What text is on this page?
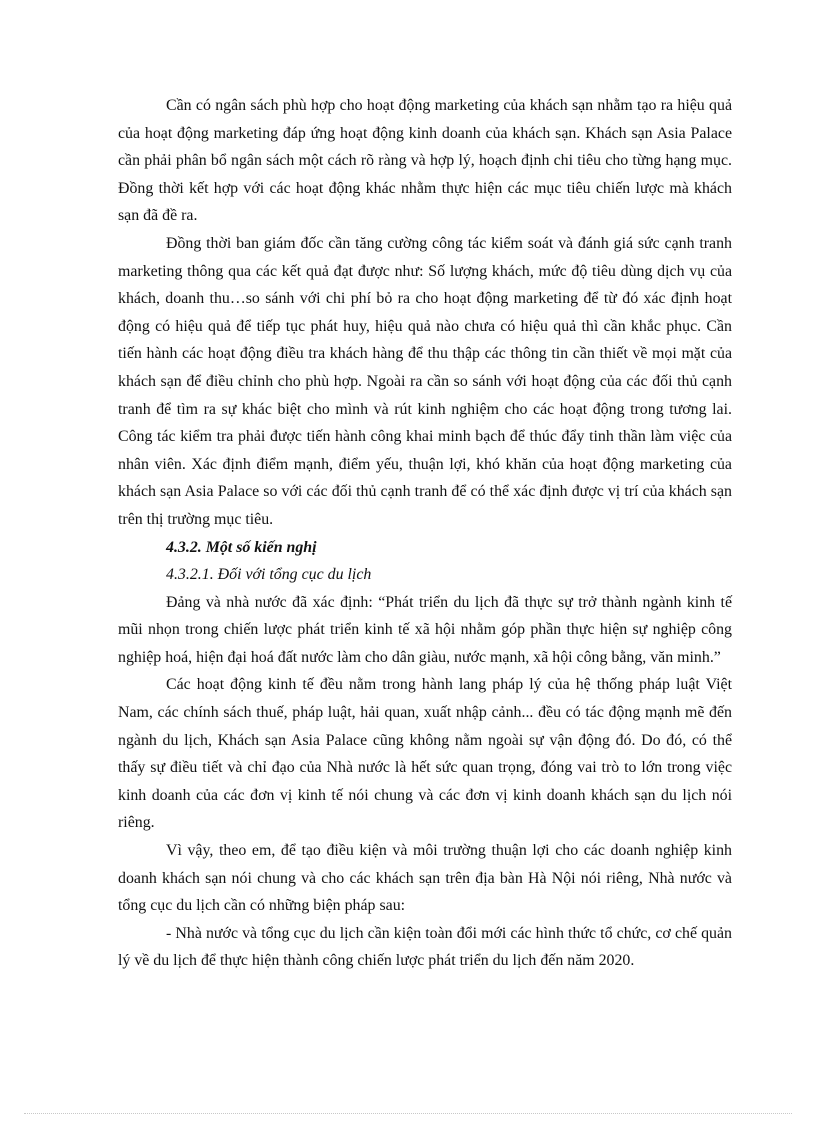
Cần có ngân sách phù hợp cho hoạt động marketing của khách sạn nhằm tạo ra hiệu quả của hoạt động marketing đáp ứng hoạt động kinh doanh của khách sạn. Khách sạn Asia Palace cần phải phân bổ ngân sách một cách rõ ràng và hợp lý, hoạch định chi tiêu cho từng hạng mục. Đồng thời kết hợp với các hoạt động khác nhằm thực hiện các mục tiêu chiến lược mà khách sạn đã đề ra.

Đồng thời ban giám đốc cần tăng cường công tác kiểm soát và đánh giá sức cạnh tranh marketing thông qua các kết quả đạt được như: Số lượng khách, mức độ tiêu dùng dịch vụ của khách, doanh thu…so sánh với chi phí bỏ ra cho hoạt động marketing để từ đó xác định hoạt động có hiệu quả để tiếp tục phát huy, hiệu quả nào chưa có hiệu quả thì cần khắc phục. Cần tiến hành các hoạt động điều tra khách hàng để thu thập các thông tin cần thiết về mọi mặt của khách sạn để điều chỉnh cho phù hợp. Ngoài ra cần so sánh với hoạt động của các đối thủ cạnh tranh để tìm ra sự khác biệt cho mình và rút kinh nghiệm cho các hoạt động trong tương lai. Công tác kiểm tra phải được tiến hành công khai minh bạch để thúc đẩy tinh thần làm việc của nhân viên. Xác định điểm mạnh, điểm yếu, thuận lợi, khó khăn của hoạt động marketing của khách sạn Asia Palace so với các đối thủ cạnh tranh để có thể xác định được vị trí của khách sạn trên thị trường mục tiêu.

4.3.2. Một số kiến nghị

4.3.2.1. Đối với tổng cục du lịch

Đảng và nhà nước đã xác định: “Phát triển du lịch đã thực sự trở thành ngành kinh tế mũi nhọn trong chiến lược phát triển kinh tế xã hội nhằm góp phần thực hiện sự nghiệp công nghiệp hoá, hiện đại hoá đất nước làm cho dân giàu, nước mạnh, xã hội công bằng, văn minh.”

Các hoạt động kinh tế đều nằm trong hành lang pháp lý của hệ thống pháp luật Việt Nam, các chính sách thuế, pháp luật, hải quan, xuất nhập cảnh... đều có tác động mạnh mẽ đến ngành du lịch, Khách sạn Asia Palace cũng không nằm ngoài sự vận động đó. Do đó, có thể thấy sự điều tiết và chỉ đạo của Nhà nước là hết sức quan trọng, đóng vai trò to lớn trong việc kinh doanh của các đơn vị kinh tế nói chung và các đơn vị kinh doanh khách sạn du lịch nói riêng.

Vì vậy, theo em, để tạo điều kiện và môi trường thuận lợi cho các doanh nghiệp kinh doanh khách sạn nói chung và cho các khách sạn trên địa bàn Hà Nội nói riêng, Nhà nước và tổng cục du lịch cần có những biện pháp sau:

- Nhà nước và tổng cục du lịch cần kiện toàn đổi mới các hình thức tổ chức, cơ chế quản lý về du lịch để thực hiện thành công chiến lược phát triển du lịch đến năm 2020.
